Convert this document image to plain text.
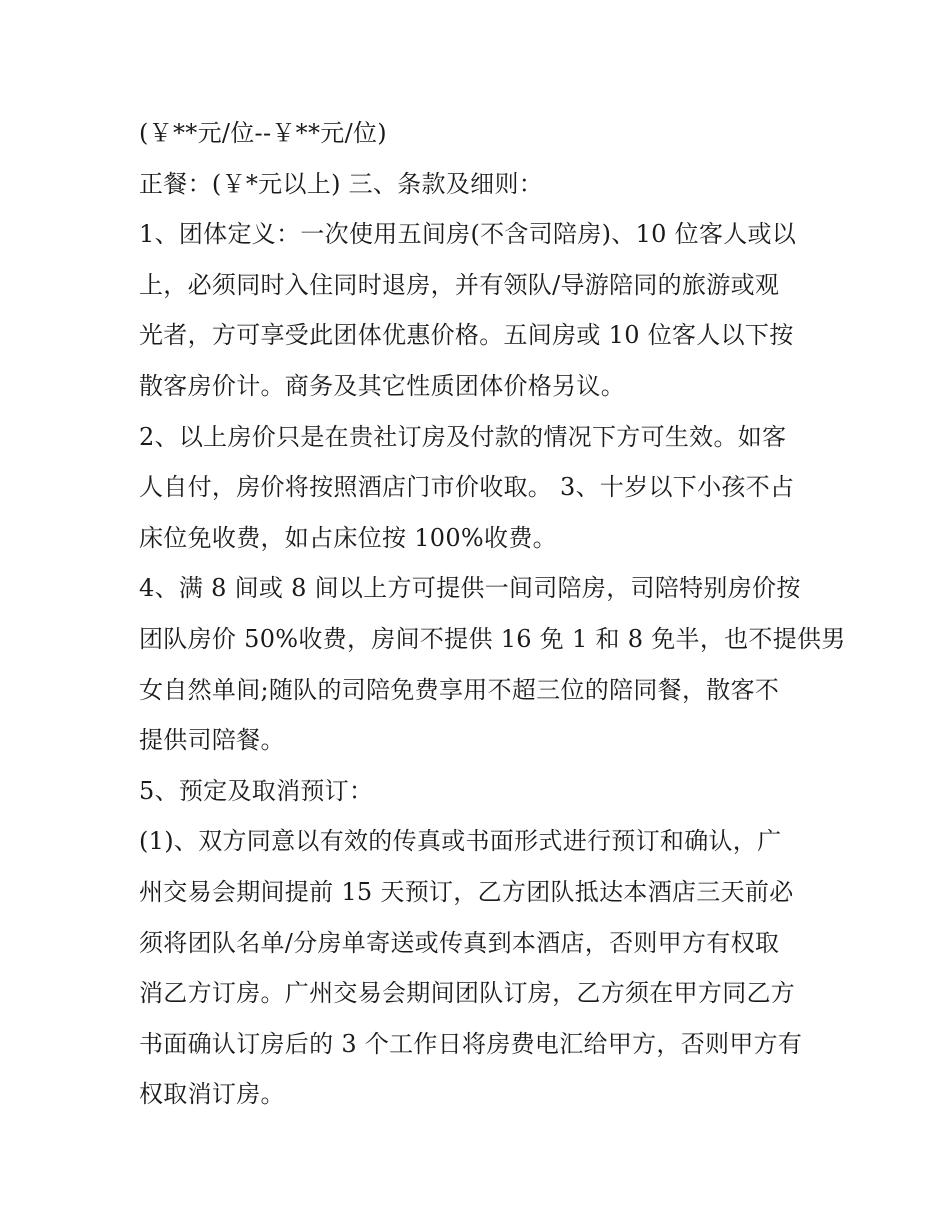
(￥**元/位--￥**元/位)

正餐：(￥*元以上) 三、条款及细则：

1、团体定义：一次使用五间房(不含司陪房)、10 位客人或以

上，必须同时入住同时退房，并有领队/导游陪同的旅游或观

光者，方可享受此团体优惠价格。五间房或 10 位客人以下按

散客房价计。商务及其它性质团体价格另议。

2、以上房价只是在贵社订房及付款的情况下方可生效。如客

人自付，房价将按照酒店门市价收取。 3、十岁以下小孩不占

床位免收费，如占床位按 100%收费。

4、满 8 间或 8 间以上方可提供一间司陪房，司陪特别房价按

团队房价 50%收费，房间不提供 16 免 1 和 8 免半，也不提供男

女自然单间;随队的司陪免费享用不超三位的陪同餐，散客不

提供司陪餐。

5、预定及取消预订：

(1)、双方同意以有效的传真或书面形式进行预订和确认，广

州交易会期间提前 15 天预订，乙方团队抵达本酒店三天前必

须将团队名单/分房单寄送或传真到本酒店，否则甲方有权取

消乙方订房。广州交易会期间团队订房，乙方须在甲方同乙方

书面确认订房后的 3 个工作日将房费电汇给甲方，否则甲方有

权取消订房。
